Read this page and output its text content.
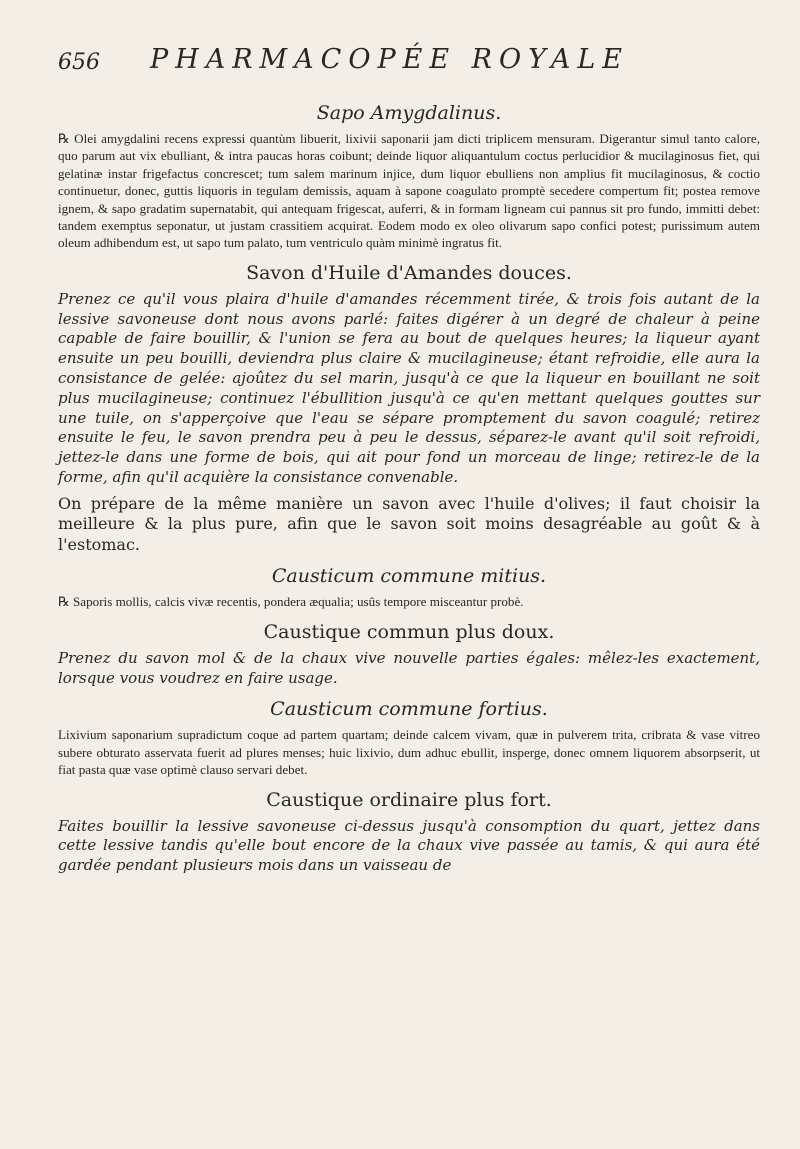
656 PHARMACOPÉE ROYALE
Sapo Amygdalinus.

℞ Olei amygdalini recens expressi quantùm libuerit, lixivii saponarii jam dicti triplicem mensuram. Digerantur simul tanto calore, quo parum aut vix ebulliant, & intra paucas horas coibunt; deinde liquor aliquantulum coctus perlucidior & mucilaginosus fiet, qui gelatinæ instar frigefactus concrescet; tum salem marinum injice, dum liquor ebulliens non amplius fit mucilaginosus, & coctio continuetur, donec, guttis liquoris in tegulam demissis, aquam à sapone coagulato promptè secedere compertum fit; postea remove ignem, & sapo gradatim supernatabit, qui antequam frigescat, auferri, & in formam ligneam cui pannus sit pro fundo, immitti debet: tandem exemptus seponatur, ut justam crassitiem acquirat. Eodem modo ex oleo olivarum sapo confici potest; purissimum autem oleum adhibendum est, ut sapo tum palato, tum ventriculo quàm minimè ingratus fit.

Savon d'Huile d'Amandes douces.

Prenez ce qu'il vous plaira d'huile d'amandes récemment tirée, & trois fois autant de la lessive savoneuse dont nous avons parlé: faites digérer à un degré de chaleur à peine capable de faire bouillir, & l'union se fera au bout de quelques heures; la liqueur ayant ensuite un peu bouilli, deviendra plus claire & mucilagineuse; étant refroidie, elle aura la consistance de gelée: ajoûtez du sel marin, jusqu'à ce que la liqueur en bouillant ne soit plus mucilagineuse; continuez l'ébullition jusqu'à ce qu'en mettant quelques gouttes sur une tuile, on s'apperçoive que l'eau se sépare promptement du savon coagulé; retirez ensuite le feu, le savon prendra peu à peu le dessus, séparez-le avant qu'il soit refroidi, jettez-le dans une forme de bois, qui ait pour fond un morceau de linge; retirez-le de la forme, afin qu'il acquière la consistance convenable.

On prépare de la même manière un savon avec l'huile d'olives; il faut choisir la meilleure & la plus pure, afin que le savon soit moins desagréable au goût & à l'estomac.

Causticum commune mitius.

℞ Saporis mollis, calcis vivæ recentis, pondera æqualia; usûs tempore misceantur probè.

Caustique commun plus doux.

Prenez du savon mol & de la chaux vive nouvelle parties égales: mêlez-les exactement, lorsque vous voudrez en faire usage.

Causticum commune fortius.

Lixivium saponarium supradictum coque ad partem quartam; deinde calcem vivam, quæ in pulverem trita, cribrata & vase vitreo subere obturato asservata fuerit ad plures menses; huic lixivio, dum adhuc ebullit, insperge, donec omnem liquorem absorpserit, ut fiat pasta quæ vase optimè clauso servari debet.

Caustique ordinaire plus fort.

Faites bouillir la lessive savoneuse ci-dessus jusqu'à consomption du quart, jettez dans cette lessive tandis qu'elle bout encore de la chaux vive passée au tamis, & qui aura été gardée pendant plusieurs mois dans un vaisseau de
